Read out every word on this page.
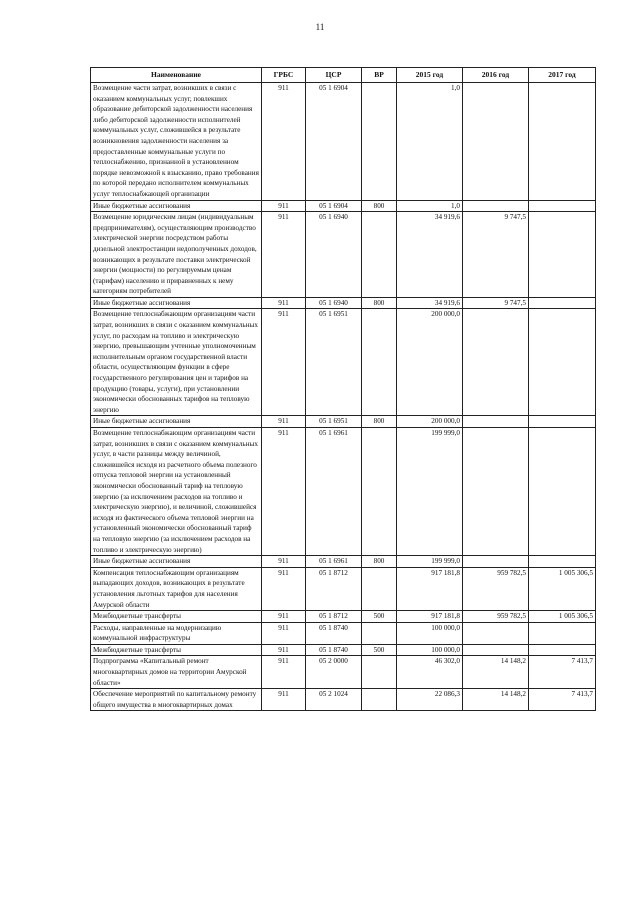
11
Наименование	ГРБС	ЦСР	ВР	2015 год	2016 год	2017 год
Возмещение части затрат, возникших в связи с оказанием коммунальных услуг, повлекших образование дебиторской задолженности населения либо дебиторской задолженности исполнителей коммунальных услуг, сложившейся в результате возникновения задолженности населения за предоставленные коммунальные услуги по теплоснабжению, признанной в установленном порядке невозможной к взысканию, право требования по которой передано исполнителем коммунальных услуг теплоснабжающей организации	911	05 1 6904		1,0		
Иные бюджетные ассигнования	911	05 1 6904	800	1,0		
Возмещение юридическим лицам (индивидуальным предпринимателям), осуществляющим производство электрической энергии посредством работы дизельной электростанции недополученных доходов, возникающих в результате поставки электрической энергии (мощности) по регулируемым ценам (тарифам) населению и приравненных к нему категориям потребителей	911	05 1 6940		34 919,6	9 747,5	
Иные бюджетные ассигнования	911	05 1 6940	800	34 919,6	9 747,5	
Возмещение теплоснабжающим организациям части затрат, возникших в связи с оказанием коммунальных услуг, по расходам на топливо и электрическую энергию, превышающим учтенные уполномоченным исполнительным органом государственной власти области, осуществляющим функции в сфере государственного регулирования цен и тарифов на продукцию (товары, услуги), при установлении экономически обоснованных тарифов на тепловую энергию	911	05 1 6951		200 000,0		
Иные бюджетные ассигнования	911	05 1 6951	800	200 000,0		
Возмещение теплоснабжающим организациям части затрат, возникших в связи с оказанием коммунальных услуг, в части разницы между величиной, сложившейся исходя из расчетного объема полезного отпуска тепловой энергии на установленный экономически обоснованный тариф на тепловую энергию (за исключением расходов на топливо и электрическую энергию), и величиной, сложившейся исходя из фактического объема тепловой энергии на установленный экономически обоснованный тариф на тепловую энергию (за исключением расходов на топливо и электрическую энергию)	911	05 1 6961		199 999,0		
Иные бюджетные ассигнования	911	05 1 6961	800	199 999,0		
Компенсация теплоснабжающим организациям выпадающих доходов, возникающих в результате установления льготных тарифов для населения Амурской области	911	05 1 8712		917 181,8	959 782,5	1 005 306,5
Межбюджетные трансферты	911	05 1 8712	500	917 181,8	959 782,5	1 005 306,5
Расходы, направленные на модернизацию коммунальной инфраструктуры	911	05 1 8740		100 000,0		
Межбюджетные трансферты	911	05 1 8740	500	100 000,0		
Подпрограмма «Капитальный ремонт многоквартирных домов на территории Амурской области»	911	05 2 0000		46 302,0	14 148,2	7 413,7
Обеспечение мероприятий по капитальному ремонту общего имущества в многоквартирных домах	911	05 2 1024		22 086,3	14 148,2	7 413,7
